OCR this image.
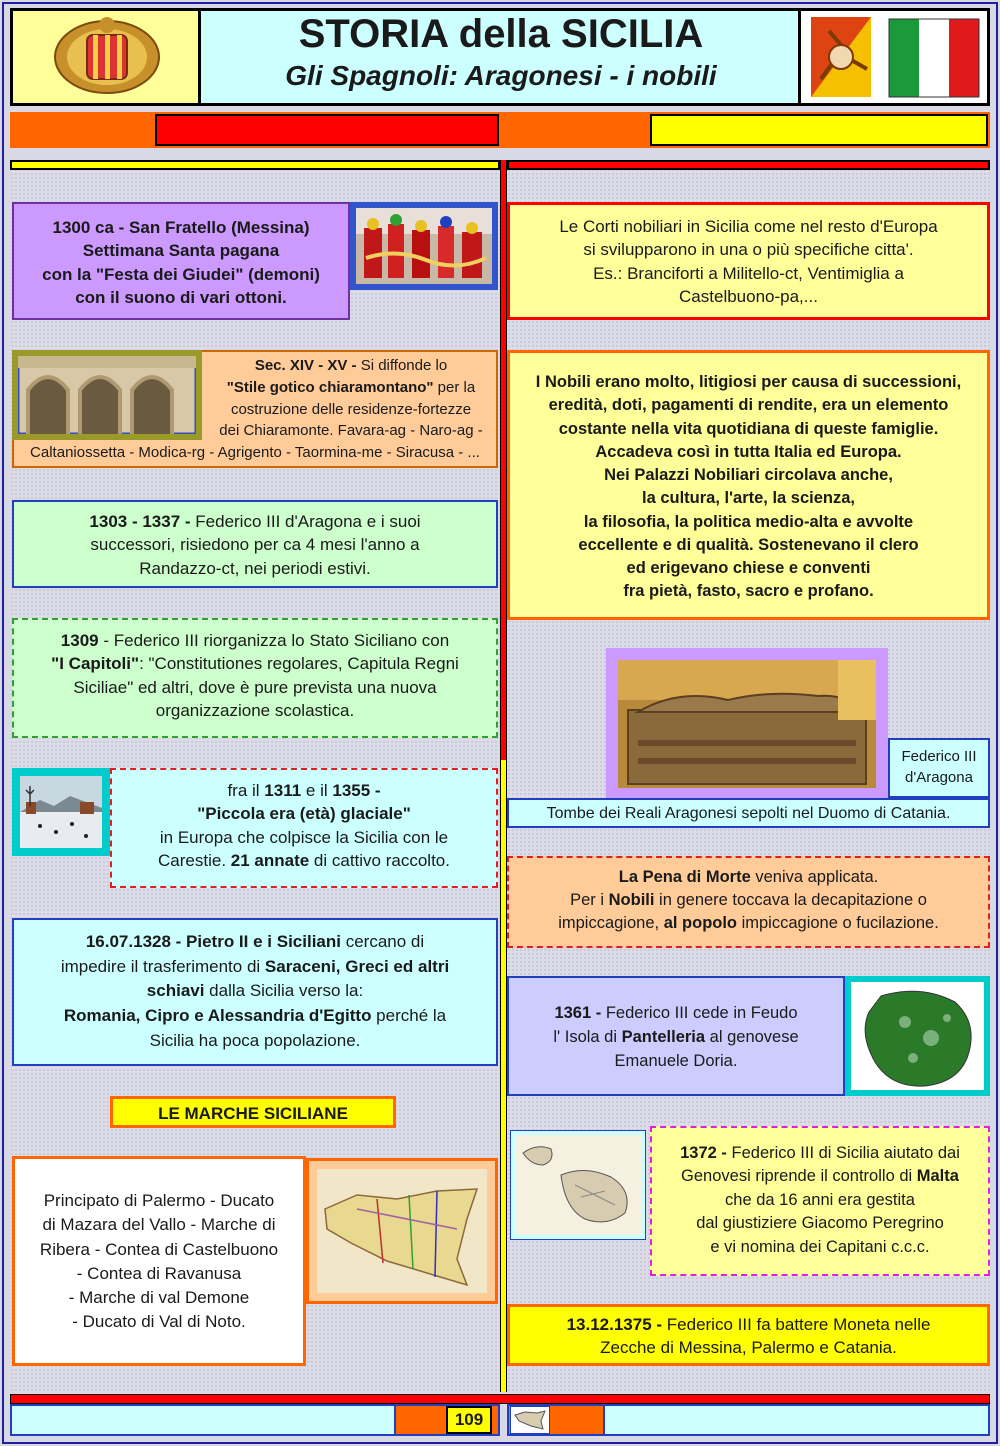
STORIA della SICILIA
Gli Spagnoli: Aragonesi - i nobili
1300 ca - San Fratello (Messina)
Settimana Santa pagana
con la "Festa dei Giudei" (demoni)
con il suono di vari ottoni.
Sec. XIV - XV - Si diffonde lo
"Stile gotico chiaramontano" per la
costruzione delle residenze-fortezze
dei Chiaramonte. Favara-ag - Naro-ag -
Caltaniossetta - Modica-rg - Agrigento - Taormina-me - Siracusa - ...
1303 - 1337 - Federico III d'Aragona e i suoi
successori, risiedono per ca 4 mesi l'anno a
Randazzo-ct, nei periodi estivi.
1309 - Federico III riorganizza lo Stato Siciliano con
"I Capitoli": "Constitutiones regolares, Capitula Regni
Siciliae" ed altri, dove è pure prevista una nuova
organizzazione scolastica.
fra il 1311 e il 1355 -
"Piccola era (età) glaciale"
in Europa che colpisce la Sicilia con le
Carestie. 21 annate di cattivo raccolto.
16.07.1328 - Pietro II e i Siciliani cercano di
impedire il trasferimento di Saraceni, Greci ed altri
schiavi dalla Sicilia verso la:
Romania, Cipro e Alessandria d'Egitto perché la
Sicilia ha poca popolazione.
LE MARCHE SICILIANE
Principato di Palermo - Ducato
di Mazara del Vallo - Marche di
Ribera - Contea di Castelbuono
- Contea di Ravanusa
- Marche di val Demone
- Ducato di Val di Noto.
Le Corti nobiliari in Sicilia come nel resto d'Europa
si svilupparono in una o più specifiche citta'.
Es.: Branciforti a Militello-ct, Ventimiglia a
Castelbuono-pa,...
I Nobili erano molto, litigiosi per causa di successioni,
eredità, doti, pagamenti di rendite, era un elemento
costante nella vita quotidiana di queste famiglie.
Accadeva così in tutta Italia ed Europa.
Nei Palazzi Nobiliari circolava anche,
la cultura, l'arte, la scienza,
la filosofia, la politica medio-alta e avvolte
eccellente e di qualità. Sostenevano il clero
ed erigevano chiese e conventi
fra pietà, fasto, sacro e profano.
Federico III
d'Aragona
Tombe dei Reali Aragonesi sepolti nel Duomo di Catania.
La Pena di Morte veniva applicata.
Per i Nobili in genere toccava la decapitazione o
impiccagione, al popolo impiccagione o fucilazione.
1361 - Federico III cede in Feudo
l' Isola di Pantelleria al genovese
Emanuele Doria.
1372 - Federico III di Sicilia aiutato dai
Genovesi riprende il controllo di Malta
che da 16 anni era gestita
dal giustiziere Giacomo Peregrino
e vi nomina dei Capitani c.c.c.
13.12.1375 - Federico III fa battere Moneta nelle
Zecche di Messina, Palermo e Catania.
109
